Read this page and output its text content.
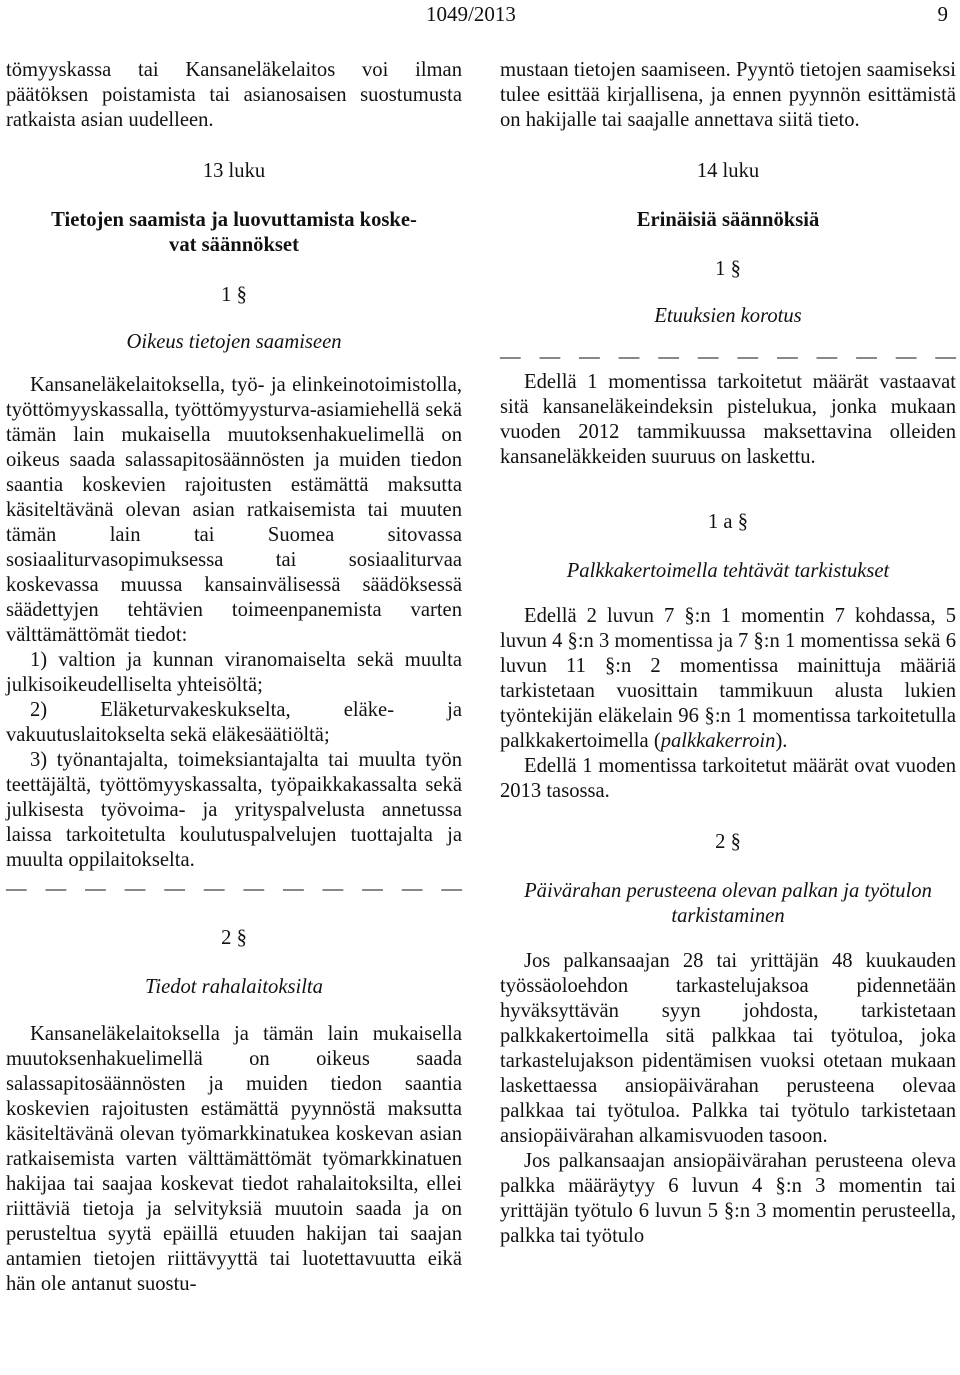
1049/2013	9

tömyyskassa tai Kansaneläkelaitos voi ilman päätöksen poistamista tai asianosaisen suostumusta ratkaista asian uudelleen.

13 luku

Tietojen saamista ja luovuttamista koske-

vat säännökset

1 §

Oikeus tietojen saamiseen

Kansaneläkelaitoksella, työ- ja elinkeinotoimistolla, työttömyyskassalla, työttömyysturva-asiamiehellä sekä tämän lain mukaisella muutoksenhakuelimellä on oikeus saada salassapitosäännösten ja muiden tiedon saantia koskevien rajoitusten estämättä maksutta käsiteltävänä olevan asian ratkaisemista tai muuten tämän lain tai Suomea sitovassa sosiaaliturvasopimuksessa tai sosiaaliturvaa koskevassa muussa kansainvälisessä säädöksessä säädettyjen tehtävien toimeenpanemista varten välttämättömät tiedot:

1) valtion ja kunnan viranomaiselta sekä muulta julkisoikeudelliselta yhteisöltä;

2) Eläketurvakeskukselta, eläke- ja vakuutuslaitokselta sekä eläkesäätiöltä;

3) työnantajalta, toimeksiantajalta tai muulta työn teettäjältä, työttömyyskassalta, työpaikkakassalta sekä julkisesta työvoima- ja yrityspalvelusta annetussa laissa tarkoitetulta koulutuspalvelujen tuottajalta ja muulta oppilaitokselta.

— — — — — — — — — — — —

2 §

Tiedot rahalaitoksilta

Kansaneläkelaitoksella ja tämän lain mukaisella muutoksenhakuelimellä on oikeus saada salassapitosäännösten ja muiden tiedon saantia koskevien rajoitusten estämättä pyynnöstä maksutta käsiteltävänä olevan työmarkkinatukea koskevan asian ratkaisemista varten välttämättömät työmarkkinatuen hakijaa tai saajaa koskevat tiedot rahalaitoksilta, ellei riittäviä tietoja ja selvityksiä muutoin saada ja on perusteltua syytä epäillä etuuden hakijan tai saajan antamien tietojen riittävyyttä tai luotettavuutta eikä hän ole antanut suostu-

mustaan tietojen saamiseen. Pyyntö tietojen saamiseksi tulee esittää kirjallisena, ja ennen pyynnön esittämistä on hakijalle tai saajalle annettava siitä tieto.

14 luku

Erinäisiä säännöksiä

1 §

Etuuksien korotus

— — — — — — — — — — — —

Edellä 1 momentissa tarkoitetut määrät vastaavat sitä kansaneläkeindeksin pistelukua, jonka mukaan vuoden 2012 tammikuussa maksettavina olleiden kansaneläkkeiden suuruus on laskettu.

1 a §

Palkkakertoimella tehtävät tarkistukset

Edellä 2 luvun 7 §:n 1 momentin 7 kohdassa, 5 luvun 4 §:n 3 momentissa ja 7 §:n 1 momentissa sekä 6 luvun 11 §:n 2 momentissa mainittuja määriä tarkistetaan vuosittain tammikuun alusta lukien työntekijän eläkelain 96 §:n 1 momentissa tarkoitetulla palkkakertoimella (palkkakerroin).

Edellä 1 momentissa tarkoitetut määrät ovat vuoden 2013 tasossa.

2 §

Päivärahan perusteena olevan palkan ja työtulon tarkistaminen

Jos palkansaajan 28 tai yrittäjän 48 kuukauden työssäoloehdon tarkastelujaksoa pidennetään hyväksyttävän syyn johdosta, tarkistetaan palkkakertoimella sitä palkkaa tai työtuloa, joka tarkastelujakson pidentämisen vuoksi otetaan mukaan laskettaessa ansiopäivärahan perusteena olevaa palkkaa tai työtuloa. Palkka tai työtulo tarkistetaan ansiopäivärahan alkamisvuoden tasoon.

Jos palkansaajan ansiopäivärahan perusteena oleva palkka määräytyy 6 luvun 4 §:n 3 momentin tai yrittäjän työtulo 6 luvun 5 §:n 3 momentin perusteella, palkka tai työtulo
